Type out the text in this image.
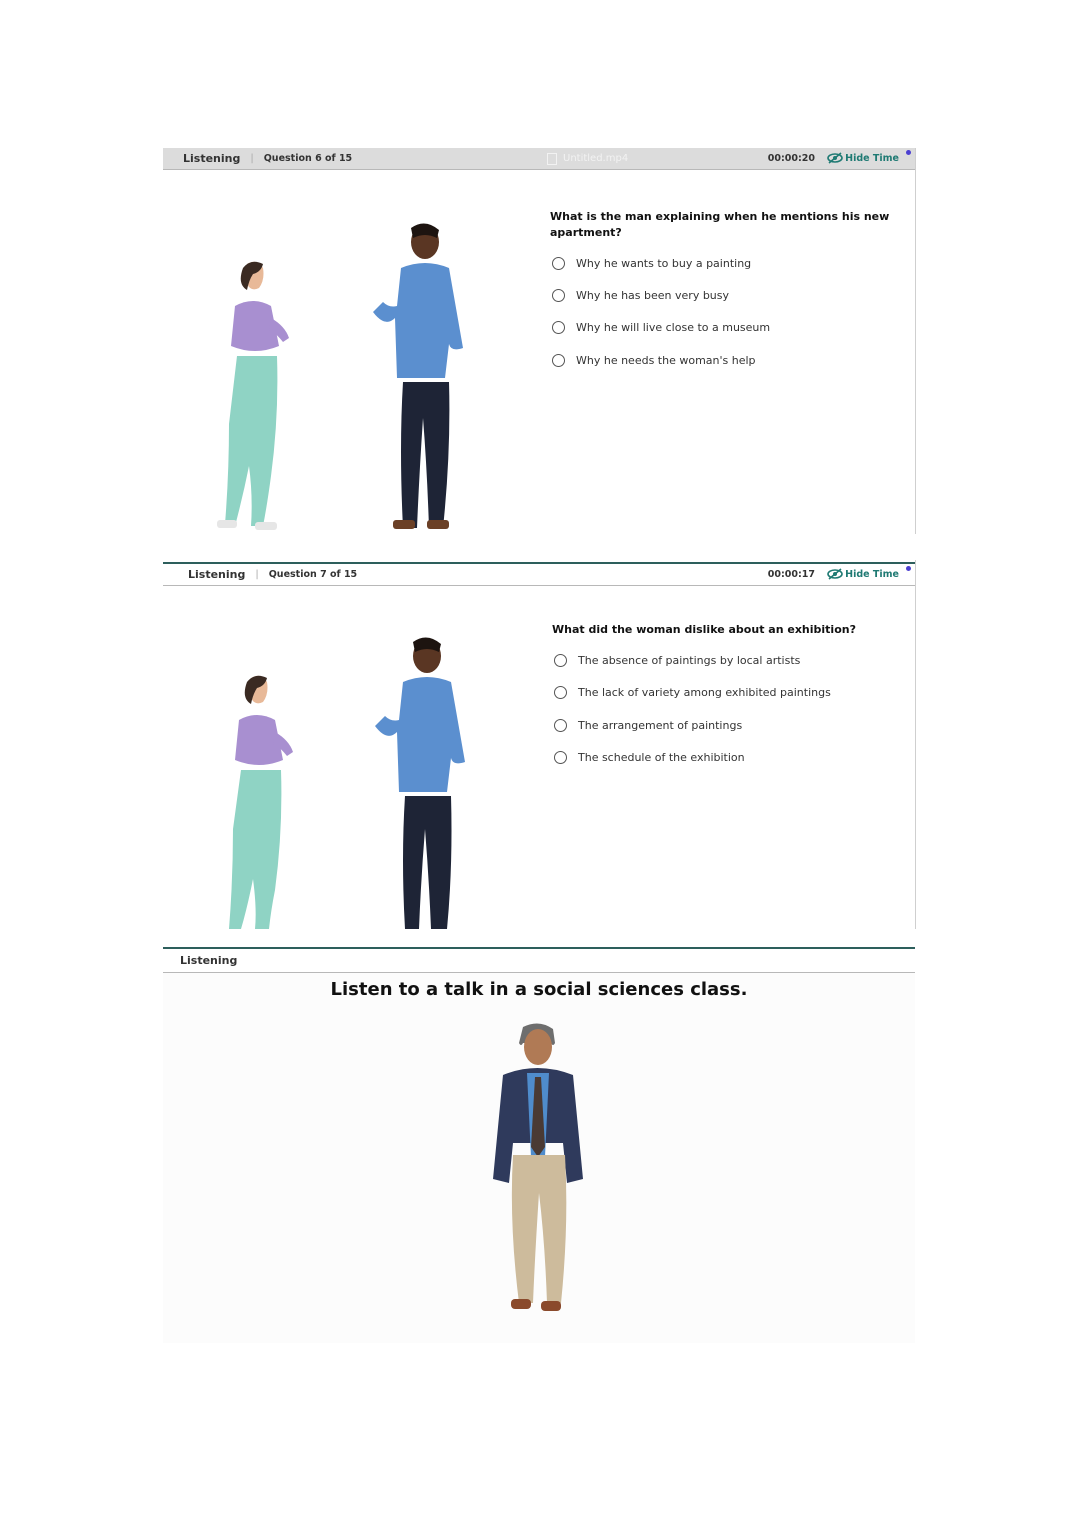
Listening | Question 6 of 15	Untitled.mp4	00:00:20	Hide Time
What is the man explaining when he mentions his new apartment?
Why he wants to buy a painting
Why he has been very busy
Why he will live close to a museum
Why he needs the woman's help
Listening | Question 7 of 15	00:00:17	Hide Time
What did the woman dislike about an exhibition?
The absence of paintings by local artists
The lack of variety among exhibited paintings
The arrangement of paintings
The schedule of the exhibition
Listening
Listen to a talk in a social sciences class.
